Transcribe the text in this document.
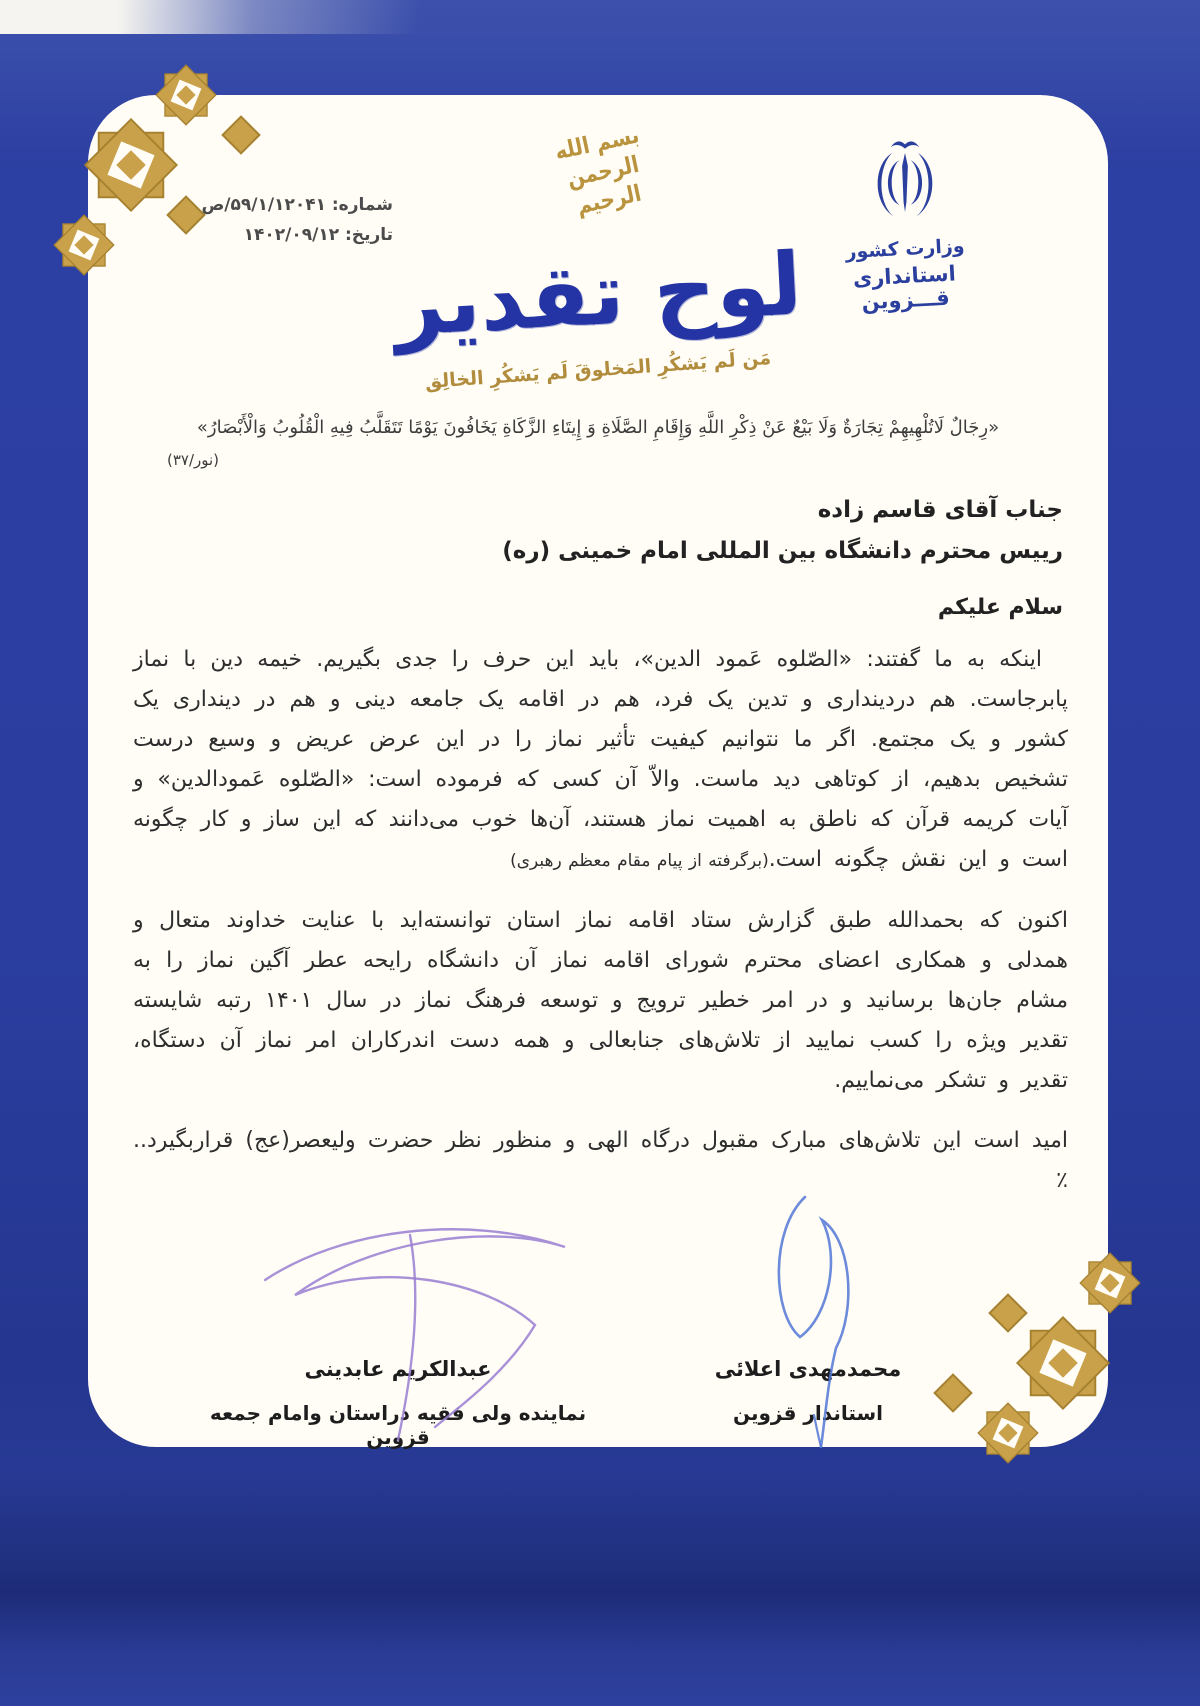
شماره: ۵۹/۱/۱۲۰۴۱/ص
تاریخ: ۱۴۰۲/۰۹/۱۲
بسم الله الرحمن الرحیم
لوح تقدیر
مَن لَم یَشکُرِ المَخلوقَ لَم یَشکُرِ الخالِق
وزارت کشور
استانداری قـــزوین
«رِجَالٌ لَاتُلْهِيهِمْ تِجَارَةٌ وَلَا بَيْعٌ عَنْ ذِكْرِ اللَّهِ وَإِقَامِ الصَّلَاةِ وَ إِيتَاءِ الزَّكَاةِ يَخَافُونَ يَوْمًا تَتَقَلَّبُ فِيهِ الْقُلُوبُ وَالْأَبْصَارُ»
(نور/۳۷)
جناب آقای قاسم زاده
رییس محترم دانشگاه بین المللی امام خمینی (ره)
سلام علیکم

اینکه به ما گفتند: «الصّلوه عَمود الدین»، باید این حرف را جدی بگیریم. خیمه دین با نماز پابرجاست. هم دردینداری و تدین یک فرد، هم در اقامه یک جامعه دینی و هم در دینداری یک کشور و یک مجتمع. اگر ما نتوانیم کیفیت تأثیر نماز را در این عرض عریض و وسیع درست تشخیص بدهیم، از کوتاهی دید ماست. والاّ آن کسی که فرموده است: «الصّلوه عَمودالدین» و آیات کریمه قرآن که ناطق به اهمیت نماز هستند، آن‌ها خوب می‌دانند که این ساز و کار چگونه است و این نقش چگونه است.(برگرفته از پیام مقام معظم رهبری)

اکنون که بحمدالله طبق گزارش ستاد اقامه نماز استان توانسته‌اید با عنایت خداوند متعال و همدلی و همکاری اعضای محترم شورای اقامه نماز آن دانشگاه رایحه عطر آگین نماز را به مشام جان‌ها برسانید و در امر خطیر ترویج و توسعه فرهنگ نماز در سال ۱۴۰۱ رتبه شایسته تقدیر ویژه را کسب نمایید از تلاش‌های جنابعالی و همه دست اندرکاران امر نماز آن دستگاه، تقدیر و تشکر می‌نماییم.

امید است این تلاش‌های مبارک مقبول درگاه الهی و منظور نظر حضرت ولیعصر(عج) قراربگیرد..٪

محمدمهدی اعلائی
استاندار قزوین
عبدالکریم عابدینی
نماینده ولی فقیه دراستان وامام جمعه قزوین
